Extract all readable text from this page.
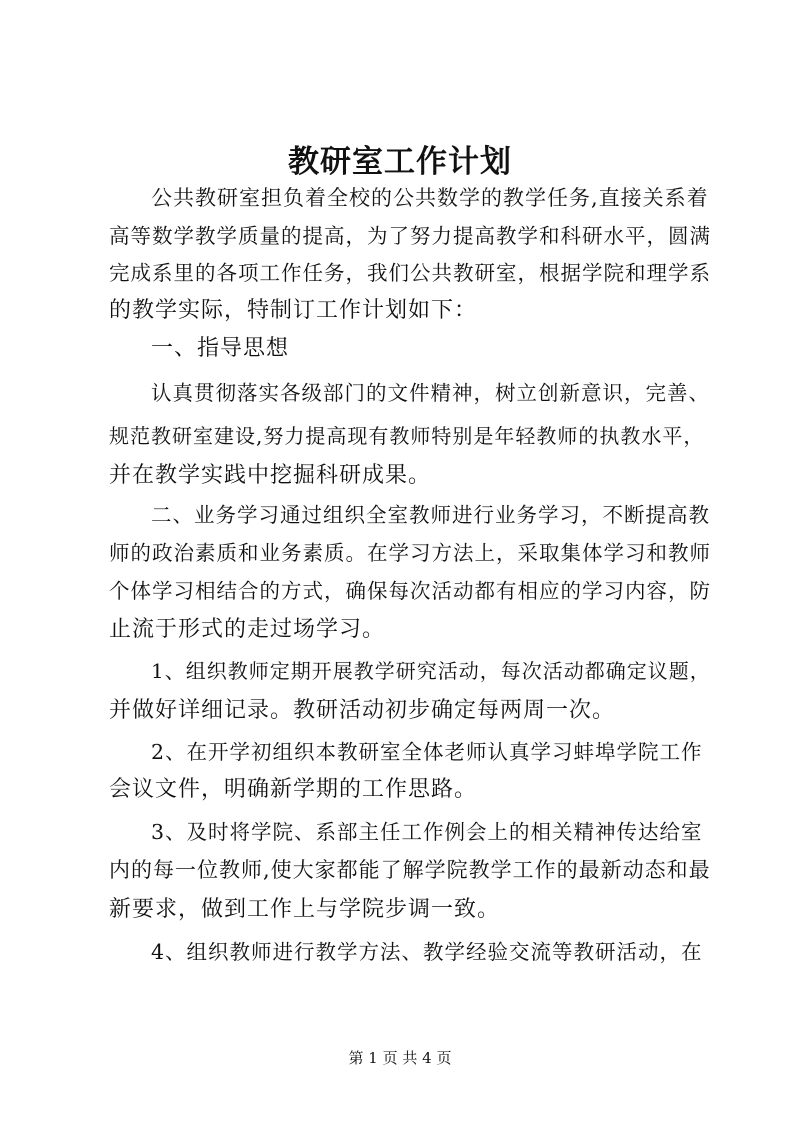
教研室工作计划
公共教研室担负着全校的公共数学的教学任务,直接关系着
高等数学教学质量的提高，为了努力提高教学和科研水平，圆满
完成系里的各项工作任务，我们公共教研室，根据学院和理学系
的教学实际，特制订工作计划如下：
一、指导思想
认真贯彻落实各级部门的文件精神，树立创新意识，完善、
规范教研室建设,努力提高现有教师特别是年轻教师的执教水平，
并在教学实践中挖掘科研成果。
二、业务学习通过组织全室教师进行业务学习，不断提高教
师的政治素质和业务素质。在学习方法上，采取集体学习和教师
个体学习相结合的方式，确保每次活动都有相应的学习内容，防
止流于形式的走过场学习。
1、组织教师定期开展教学研究活动，每次活动都确定议题，
并做好详细记录。教研活动初步确定每两周一次。
2、在开学初组织本教研室全体老师认真学习蚌埠学院工作
会议文件，明确新学期的工作思路。
3、及时将学院、系部主任工作例会上的相关精神传达给室
内的每一位教师,使大家都能了解学院教学工作的最新动态和最
新要求，做到工作上与学院步调一致。
4、组织教师进行教学方法、教学经验交流等教研活动，在
第 1 页 共 4 页
